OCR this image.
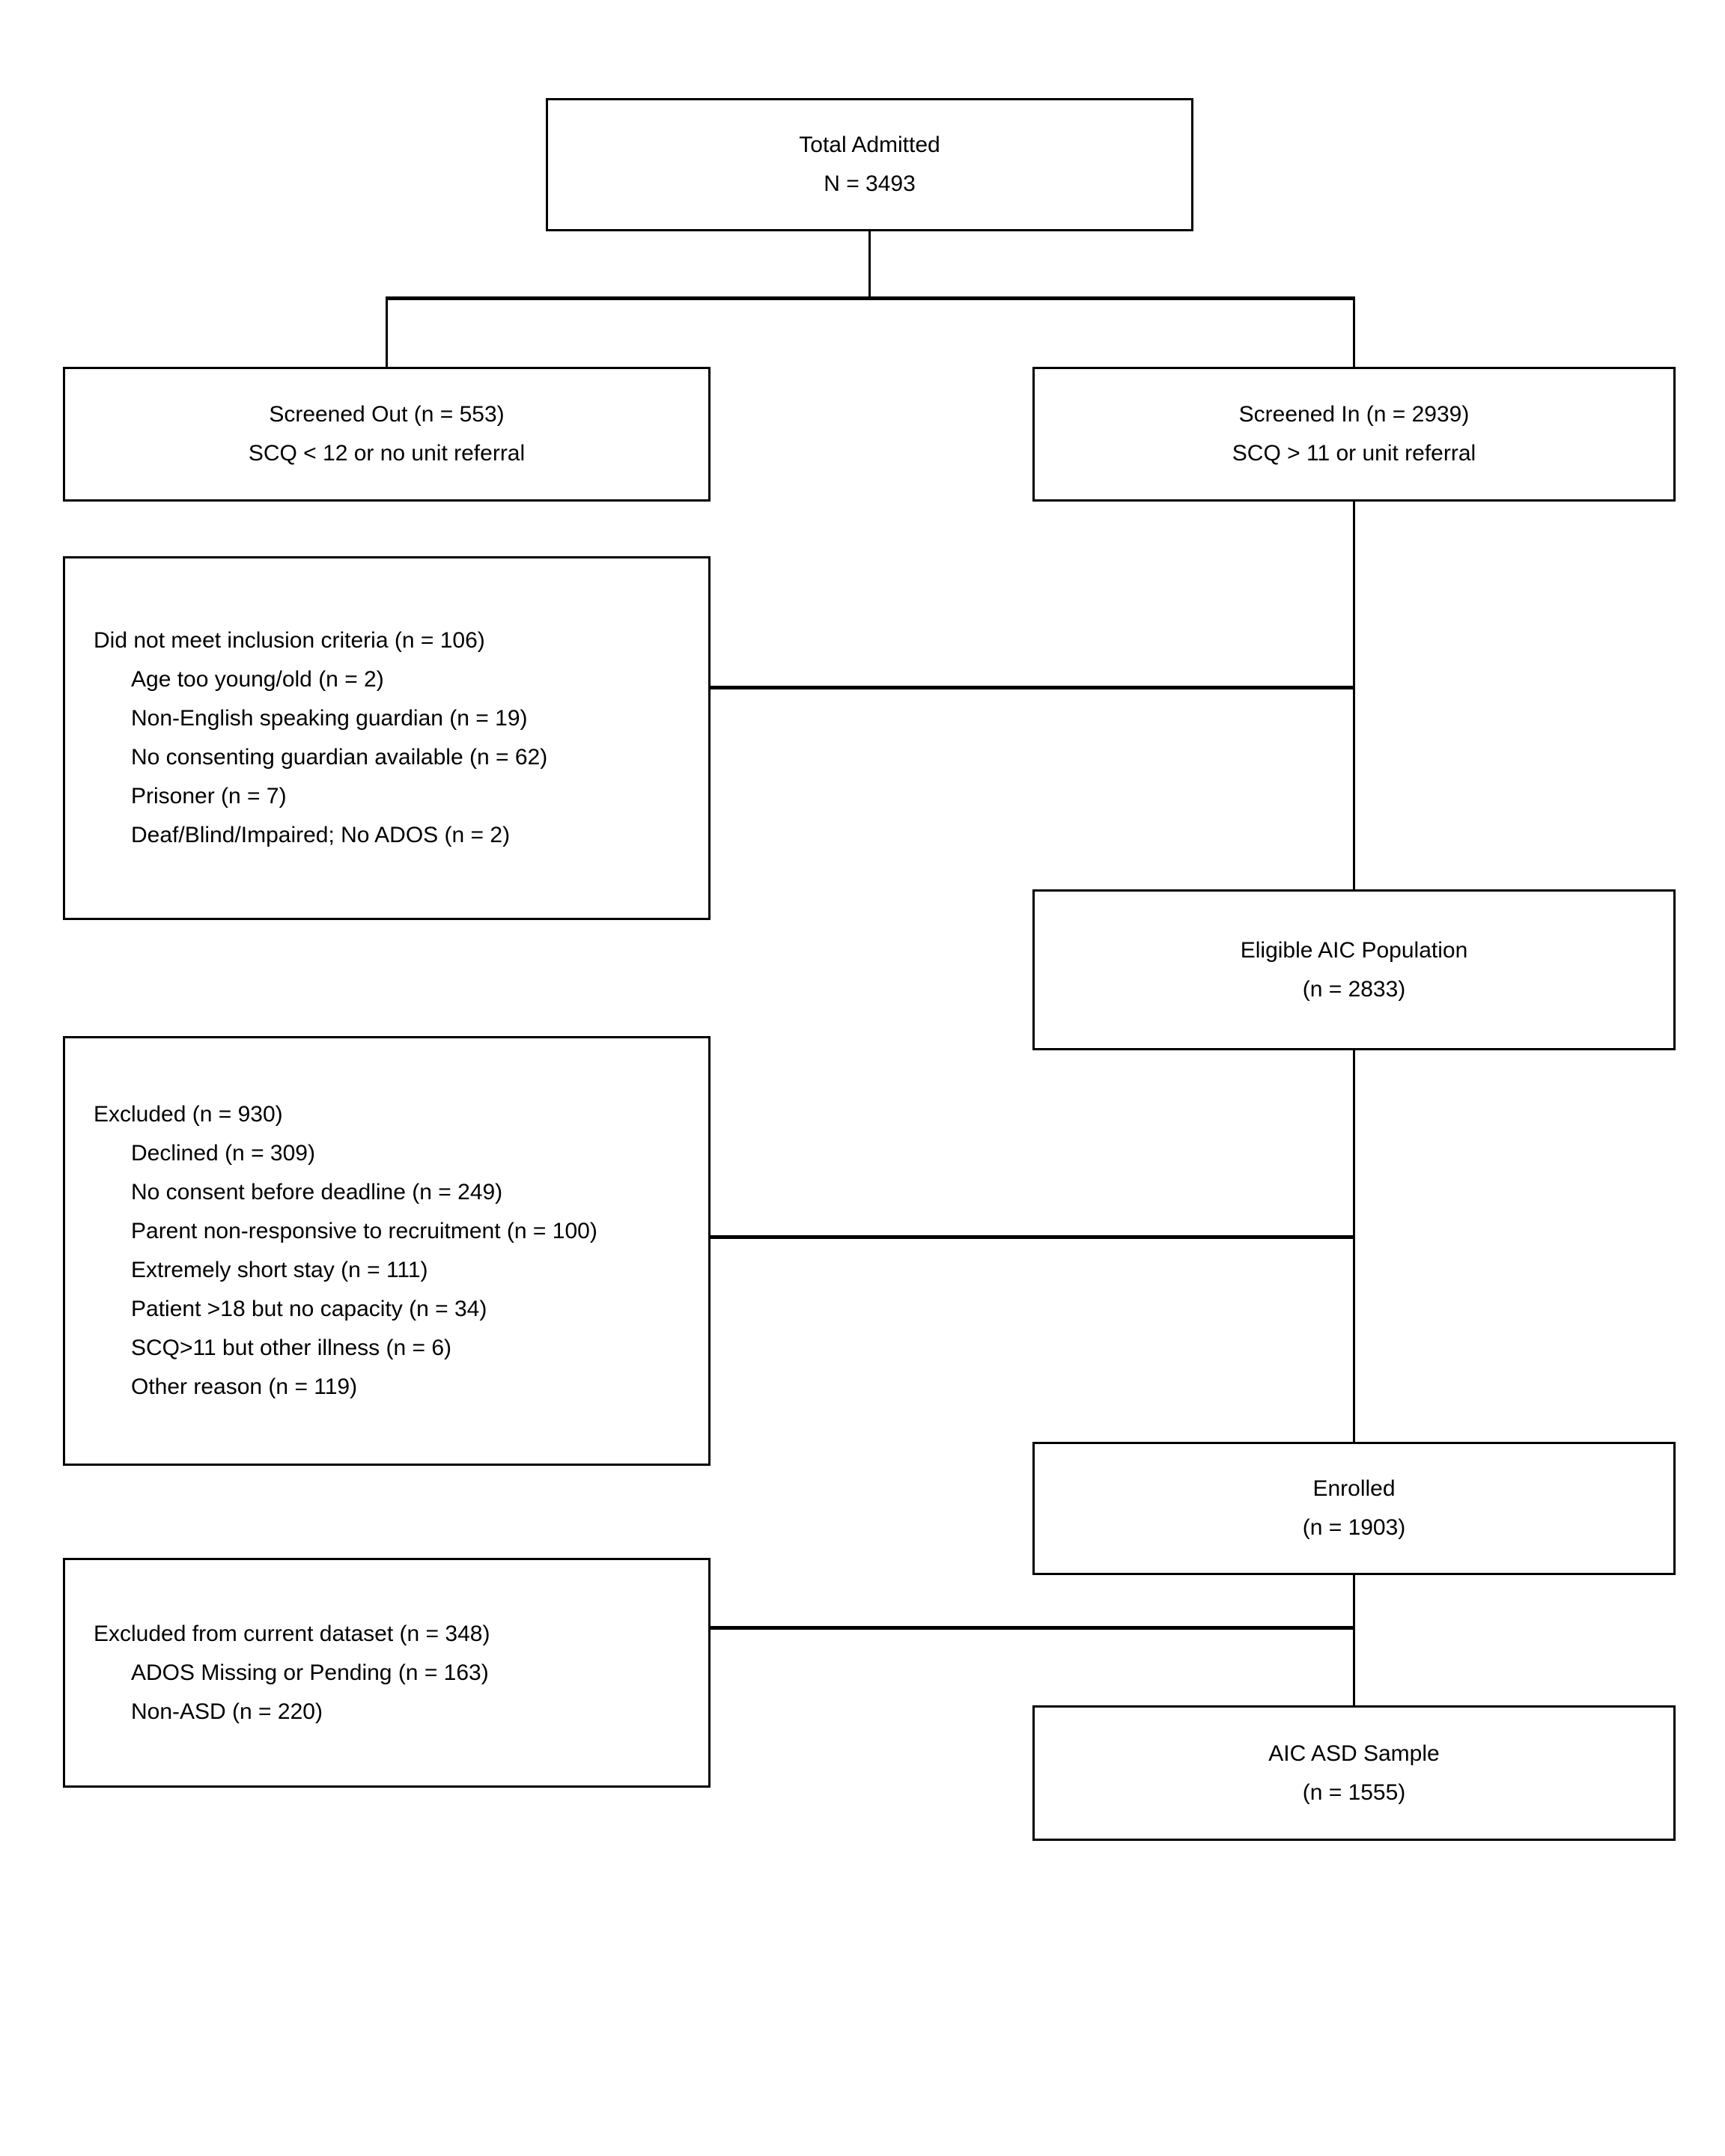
Total Admitted
N = 3493
Screened Out (n = 553)
SCQ < 12 or no unit referral
Screened In (n = 2939)
SCQ > 11 or unit referral
Did not meet inclusion criteria (n = 106)
Age too young/old (n = 2)
Non-English speaking guardian (n = 19)
No consenting guardian available (n = 62)
Prisoner (n = 7)
Deaf/Blind/Impaired; No ADOS (n = 2)
Eligible AIC Population
(n = 2833)
Excluded (n = 930)
Declined (n = 309)
No consent before deadline (n = 249)
Parent non-responsive to recruitment (n = 100)
Extremely short stay (n = 111)
Patient >18 but no capacity (n = 34)
SCQ>11 but other illness (n = 6)
Other reason (n = 119)
Enrolled
(n = 1903)
Excluded from current dataset (n = 348)
ADOS Missing or Pending (n = 163)
Non-ASD (n = 220)
AIC ASD Sample
(n = 1555)
